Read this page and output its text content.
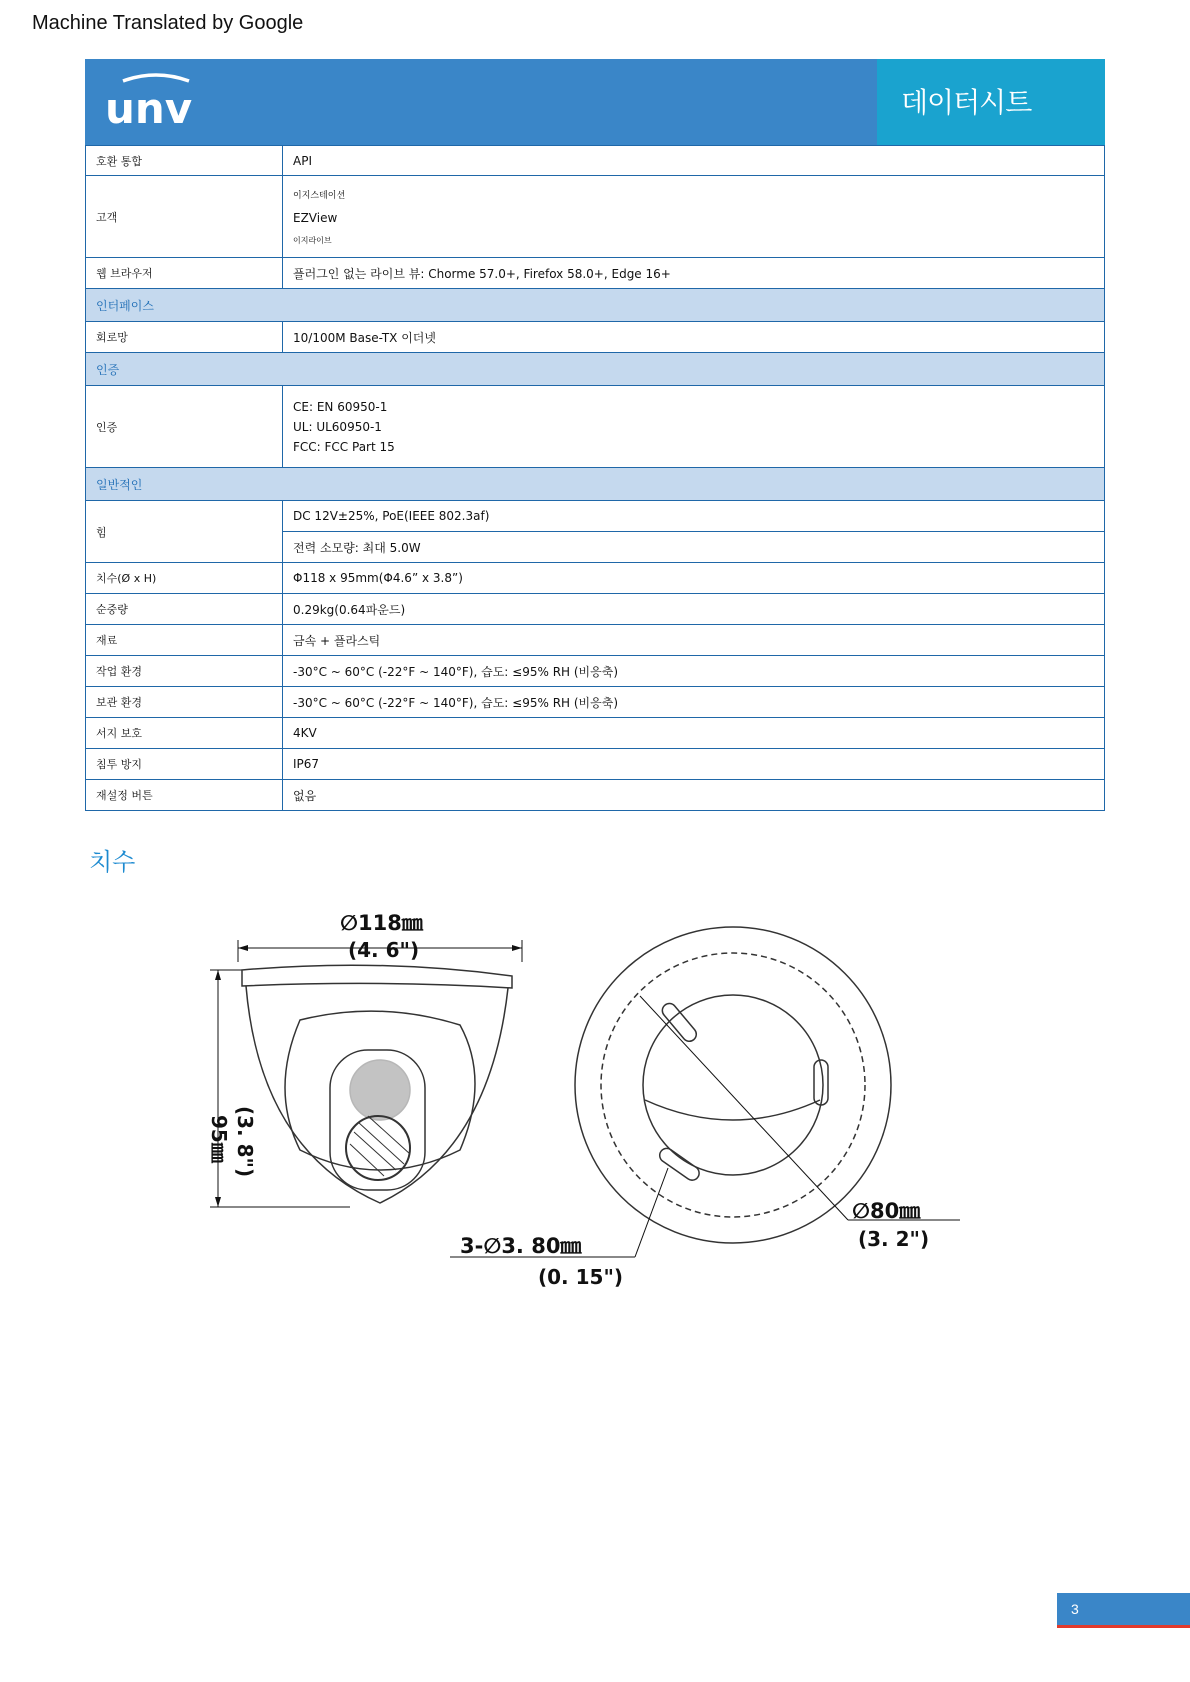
Machine Translated by Google
unv	데이터시트
호환 통합	API
고객	이지스테이션
EZView
이지라이브

웹 브라우저	플러그인 없는 라이브 뷰: Chorme 57.0+, Firefox 58.0+, Edge 16+
인터페이스	
회로망	10/100M Base-TX 이더넷
인증	
인증	CE: EN 60950-1
UL: UL60950-1
FCC: FCC Part 15

일반적인	
힘	DC 12V±25%, PoE(IEEE 802.3af)
	전력 소모량: 최대 5.0W
치수(Ø x H)	Φ118 x 95mm(Φ4.6” x 3.8”)
순중량	0.29kg(0.64파운드)
재료	금속 + 플라스틱
작업 환경	-30°C ~ 60°C (-22°F ~ 140°F), 습도: ≤95% RH (비응축)
보관 환경	-30°C ~ 60°C (-22°F ~ 140°F), 습도: ≤95% RH (비응축)
서지 보호	4KV
침투 방지	IP67
재설정 버튼	없음
치수
∅118㎜
(4. 6")
95㎜ (3. 8")
∅80㎜
(3. 2")
3-∅3. 80㎜
(0. 15")
3
